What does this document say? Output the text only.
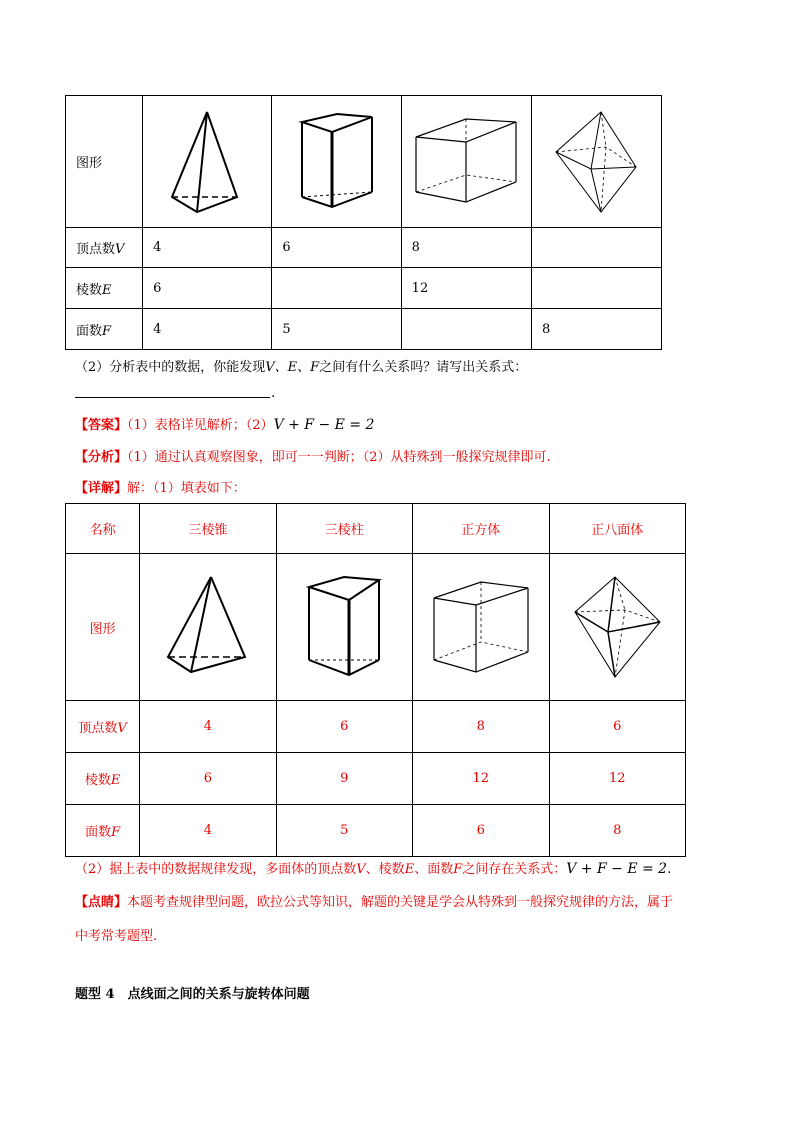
图形	

顶点数V	4	6	8	
棱数E	6		12	
面数F	4	5		8
（2）分析表中的数据，你能发现V、E、F之间有什么关系吗？请写出关系式：
.
【答案】（1）表格详见解析；（2）V + F − E = 2
【分析】（1）通过认真观察图象，即可一一判断；（2）从特殊到一般探究规律即可.
【详解】解：（1）填表如下：
名称	三棱锥	三棱柱	正方体	正八面体
图形	

顶点数V	4	6	8	6
棱数E	6	9	12	12
面数F	4	5	6	8
（2）据上表中的数据规律发现，多面体的顶点数V、棱数E、面数F之间存在关系式：V + F − E = 2.
【点睛】本题考查规律型问题，欧拉公式等知识，解题的关键是学会从特殊到一般探究规律的方法，属于
中考常考题型.
题型 4　点线面之间的关系与旋转体问题
